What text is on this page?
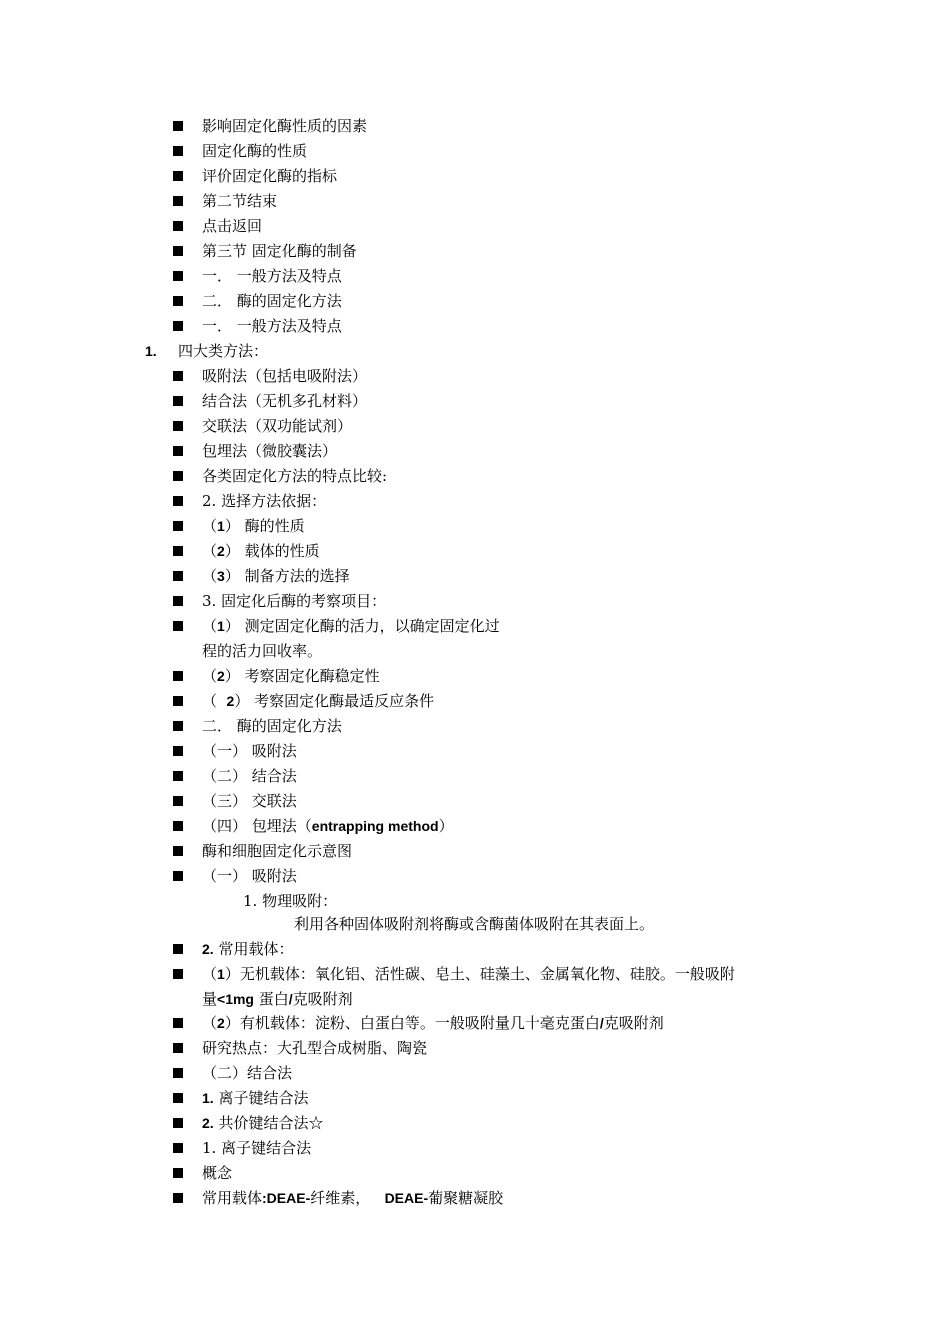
影响固定化酶性质的因素
固定化酶的性质
评价固定化酶的指标
第二节结束
点击返回
第三节 固定化酶的制备
一． 一般方法及特点
二． 酶的固定化方法
一． 一般方法及特点
1. 四大类方法：
吸附法（包括电吸附法）
结合法（无机多孔材料）
交联法（双功能试剂）
包埋法（微胶囊法）
各类固定化方法的特点比较:
2. 选择方法依据：
（1） 酶的性质
（2） 载体的性质
（3） 制备方法的选择
3. 固定化后酶的考察项目：
（1） 测定固定化酶的活力，以确定固定化过
程的活力回收率。
（2） 考察固定化酶稳定性
（  2） 考察固定化酶最适反应条件
二． 酶的固定化方法
（一） 吸附法
（二） 结合法
（三） 交联法
（四） 包埋法（entrapping method）
酶和细胞固定化示意图
（一） 吸附法
1. 物理吸附：
利用各种固体吸附剂将酶或含酶菌体吸附在其表面上。
2. 常用载体：
（1）无机载体：氧化铝、活性碳、皂土、硅藻土、金属氧化物、硅胶。一般吸附
量<1mg 蛋白/克吸附剂
（2）有机载体：淀粉、白蛋白等。一般吸附量几十毫克蛋白/克吸附剂
研究热点：大孔型合成树脂、陶瓷
（二）结合法
1. 离子键结合法
2. 共价键结合法☆
1. 离子键结合法
概念
常用载体:DEAE-纤维素，   DEAE-葡聚糖凝胶
